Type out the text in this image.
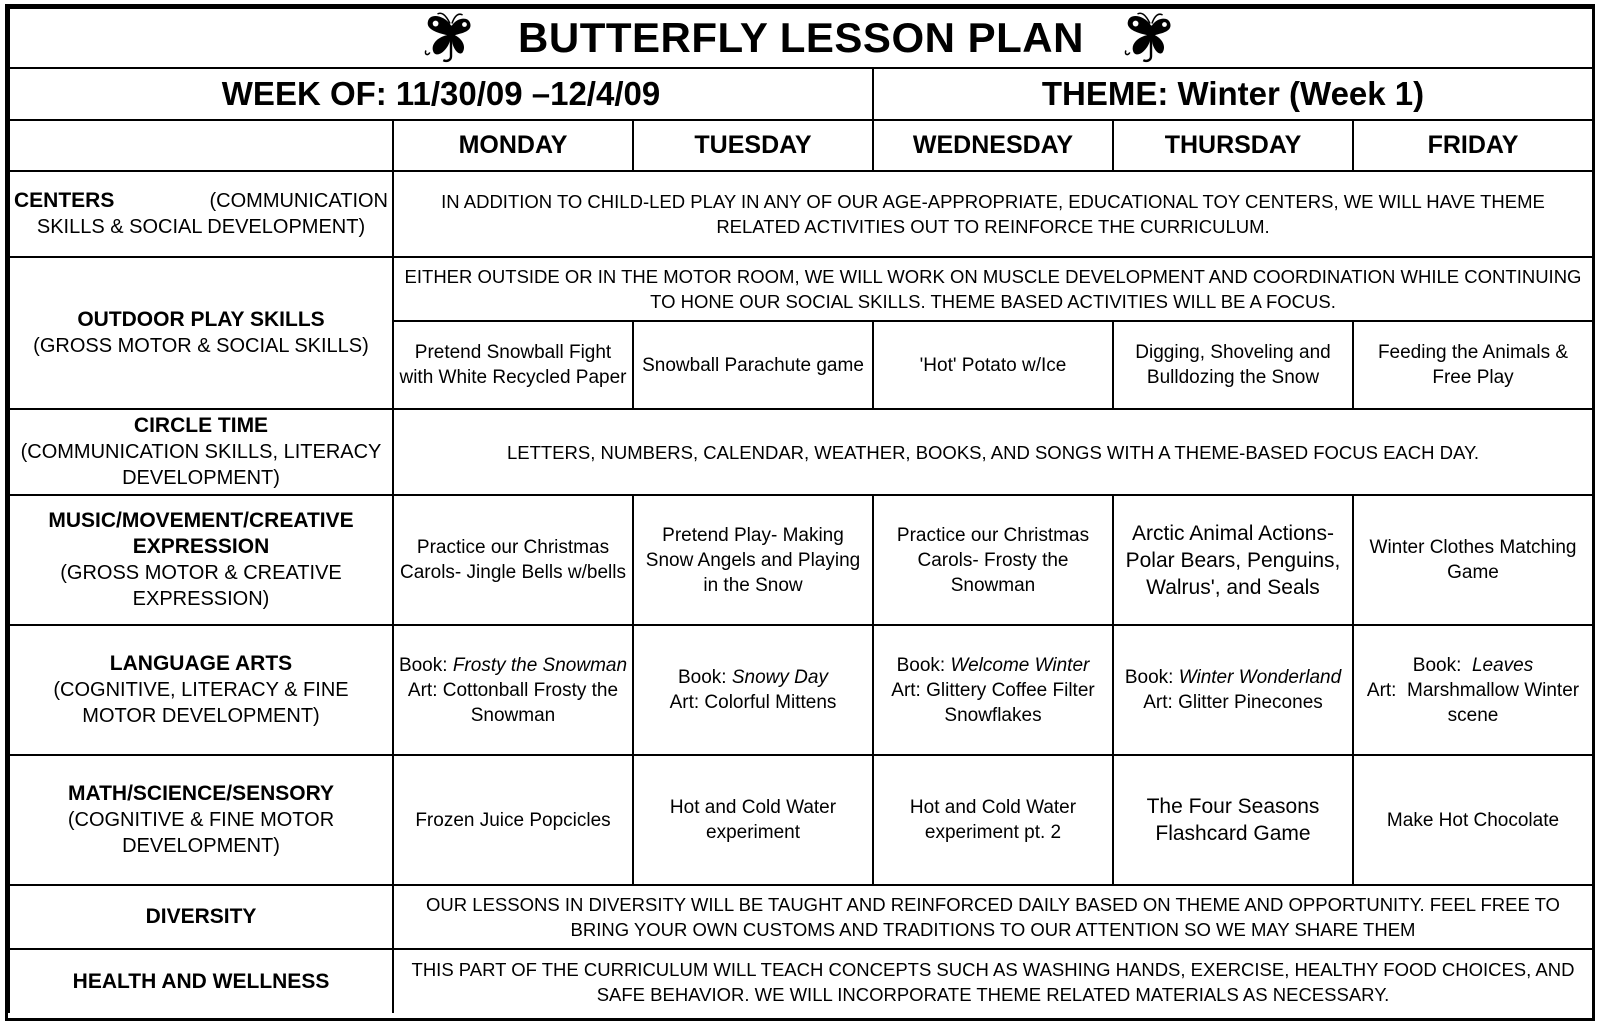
BUTTERFLY LESSON PLAN					

WEEK OF: 11/30/09 –12/4/09			THEME: Winter (Week 1)		
	MONDAY	TUESDAY	WEDNESDAY	THURSDAY	FRIDAY

CENTERS (COMMUNICATION
SKILLS & SOCIAL DEVELOPMENT)	IN ADDITION TO CHILD-LED PLAY IN ANY OF OUR AGE-APPROPRIATE, EDUCATIONAL TOY CENTERS, WE WILL HAVE THEME RELATED ACTIVITIES OUT TO REINFORCE THE CURRICULUM.				

OUTDOOR PLAY SKILLS
(GROSS MOTOR & SOCIAL SKILLS)	EITHER OUTSIDE OR IN THE MOTOR ROOM, WE WILL WORK ON MUSCLE DEVELOPMENT AND COORDINATION WHILE CONTINUING TO HONE OUR SOCIAL SKILLS. THEME BASED ACTIVITIES WILL BE A FOCUS.				
	Pretend Snowball Fight with White Recycled Paper	Snowball Parachute game	'Hot' Potato w/Ice	Digging, Shoveling and Bulldozing the Snow	Feeding the Animals & Free Play

CIRCLE TIME
(COMMUNICATION SKILLS, LITERACY DEVELOPMENT)	LETTERS, NUMBERS, CALENDAR, WEATHER, BOOKS, AND SONGS WITH A THEME-BASED FOCUS EACH DAY.				

MUSIC/MOVEMENT/CREATIVE EXPRESSION
(GROSS MOTOR & CREATIVE EXPRESSION)	Practice our Christmas Carols- Jingle Bells w/bells	Pretend Play- Making Snow Angels and Playing in the Snow	Practice our Christmas Carols- Frosty the Snowman	Arctic Animal Actions- Polar Bears, Penguins, Walrus', and Seals	Winter Clothes Matching Game

LANGUAGE ARTS
(COGNITIVE, LITERACY & FINE MOTOR DEVELOPMENT)	Book: Frosty the Snowman
Art: Cottonball Frosty the Snowman	Book: Snowy Day
Art: Colorful Mittens	Book: Welcome Winter
Art: Glittery Coffee Filter Snowflakes	Book: Winter Wonderland
Art: Glitter Pinecones	Book: Leaves
Art: Marshmallow Winter scene

MATH/SCIENCE/SENSORY
(COGNITIVE & FINE MOTOR DEVELOPMENT)	Frozen Juice Popcicles	Hot and Cold Water experiment	Hot and Cold Water experiment pt. 2	The Four Seasons Flashcard Game	Make Hot Chocolate

DIVERSITY	OUR LESSONS IN DIVERSITY WILL BE TAUGHT AND REINFORCED DAILY BASED ON THEME AND OPPORTUNITY. FEEL FREE TO BRING YOUR OWN CUSTOMS AND TRADITIONS TO OUR ATTENTION SO WE MAY SHARE THEM				

HEALTH AND WELLNESS	THIS PART OF THE CURRICULUM WILL TEACH CONCEPTS SUCH AS WASHING HANDS, EXERCISE, HEALTHY FOOD CHOICES, AND SAFE BEHAVIOR. WE WILL INCORPORATE THEME RELATED MATERIALS AS NECESSARY.				
